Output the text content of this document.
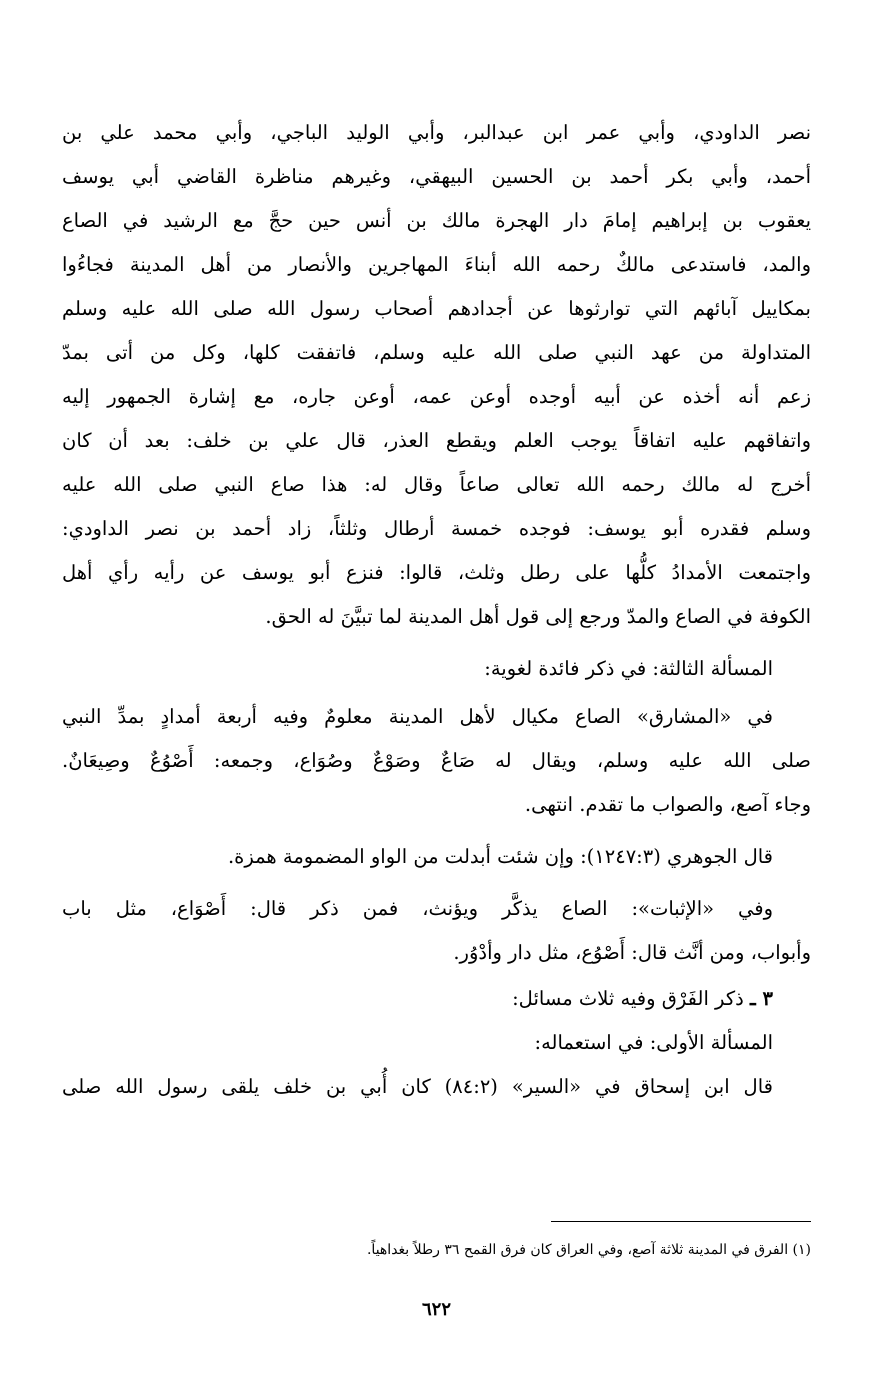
نصر الداودي، وأبي عمر ابن عبدالبر، وأبي الوليد الباجي، وأبي محمد علي بن
أحمد، وأبي بكر أحمد بن الحسين البيهقي، وغيرهم مناظرة القاضي أبي يوسف
يعقوب بن إبراهيم إمامَ دار الهجرة مالك بن أنس حين حجَّ مع الرشيد في الصاع
والمد، فاستدعى مالكٌ رحمه الله أبناءَ المهاجرين والأنصار من أهل المدينة فجاءُوا
بمكاييل آبائهم التي توارثوها عن أجدادهم أصحاب رسول الله صلى الله عليه وسلم
المتداولة من عهد النبي صلى الله عليه وسلم، فاتفقت كلها، وكل من أتى بمدّ
زعم أنه أخذه عن أبيه أوجده أوعن عمه، أوعن جاره، مع إشارة الجمهور إليه
واتفاقهم عليه اتفاقاً يوجب العلم ويقطع العذر، قال علي بن خلف: بعد أن كان
أخرج له مالك رحمه الله تعالى صاعاً وقال له: هذا صاع النبي صلى الله عليه
وسلم فقدره أبو يوسف: فوجده خمسة أرطال وثلثاً، زاد أحمد بن نصر الداودي:
واجتمعت الأمدادُ كلُّها على رطل وثلث، قالوا: فنزع أبو يوسف عن رأيه رأي أهل
الكوفة في الصاع والمدّ ورجع إلى قول أهل المدينة لما تبيَّنَ له الحق.
المسألة الثالثة: في ذكر فائدة لغوية:
في «المشارق» الصاع مكيال لأهل المدينة معلومٌ وفيه أربعة أمدادٍ بمدِّ النبي
صلى الله عليه وسلم، ويقال له صَاعٌ وصَوْعٌ وصُوَاع، وجمعه: أَصْوُعٌ وصِيعَانٌ.
وجاء آصع، والصواب ما تقدم. انتهى.
قال الجوهري (١٢٤٧:٣): وإن شئت أبدلت من الواو المضمومة همزة.
وفي «الإثبات»: الصاع يذكَّر ويؤنث، فمن ذكر قال: أَصْوَاع، مثل باب
وأبواب، ومن أنَّث قال: أَصْوُع، مثل دار وأدْوُر.
٣ ـ ذكر الفَرْق وفيه ثلاث مسائل:
المسألة الأولى: في استعماله:
قال ابن إسحاق في «السير» (٨٤:٢) كان أُبي بن خلف يلقى رسول الله صلى
(١) الفرق في المدينة ثلاثة آصع، وفي العراق كان فرق القمح ٣٦ رطلاً بغداهياً.
٦٢٢
